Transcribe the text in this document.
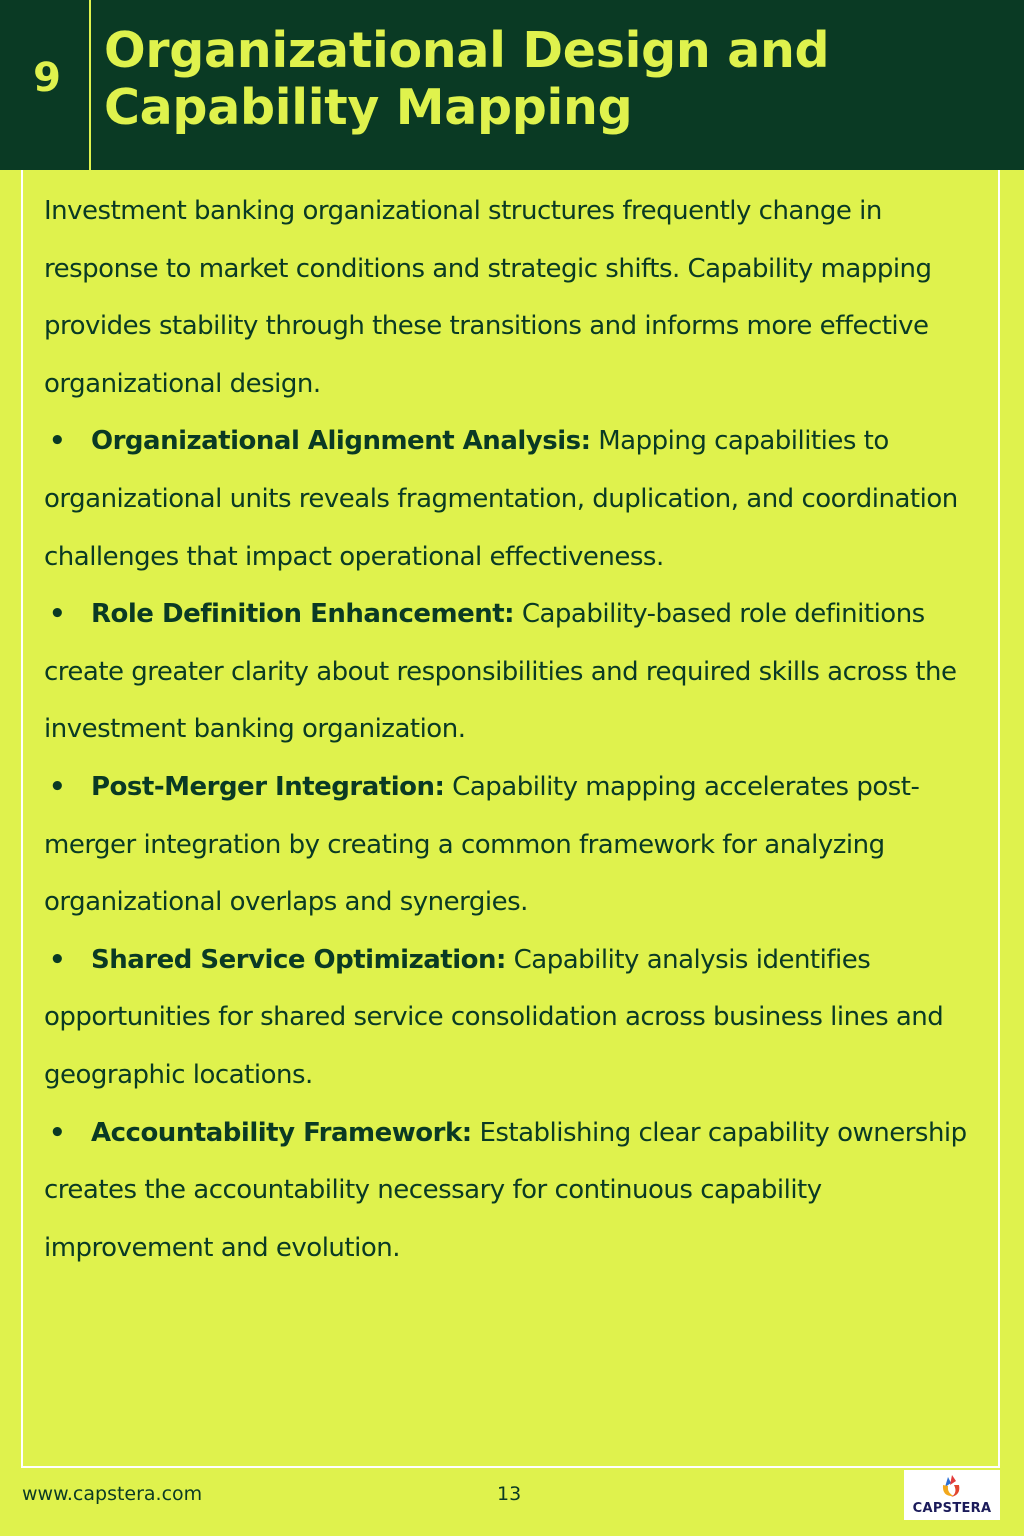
9 Organizational Design and Capability Mapping

Investment banking organizational structures frequently change in response to market conditions and strategic shifts. Capability mapping provides stability through these transitions and informs more effective organizational design.

• Organizational Alignment Analysis: Mapping capabilities to organizational units reveals fragmentation, duplication, and coordination challenges that impact operational effectiveness.

• Role Definition Enhancement: Capability-based role definitions create greater clarity about responsibilities and required skills across the investment banking organization.

• Post-Merger Integration: Capability mapping accelerates post-merger integration by creating a common framework for analyzing organizational overlaps and synergies.

• Shared Service Optimization: Capability analysis identifies opportunities for shared service consolidation across business lines and geographic locations.

• Accountability Framework: Establishing clear capability ownership creates the accountability necessary for continuous capability improvement and evolution.

www.capstera.com	13
CAPSTERA
